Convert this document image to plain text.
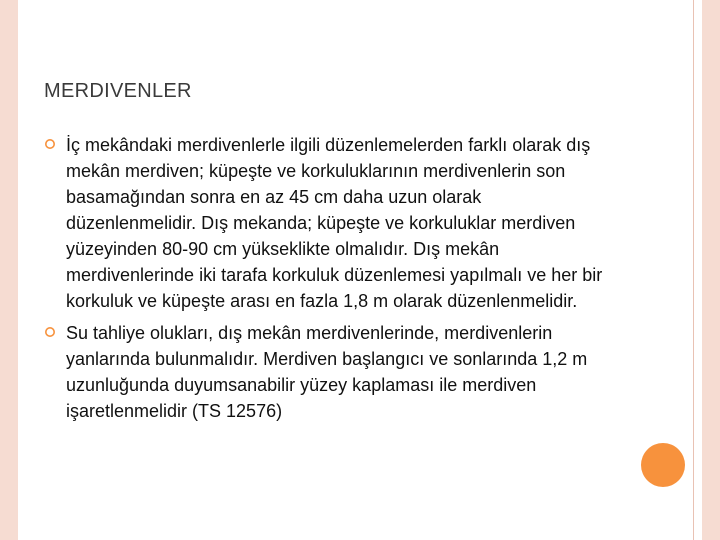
MERDIVENLER
İç mekândaki merdivenlerle ilgili düzenlemelerden farklı olarak dış mekân merdiven; küpeşte ve korkuluklarının merdivenlerin son basamağından sonra en az 45 cm daha uzun olarak düzenlenmelidir. Dış mekanda; küpeşte ve korkuluklar merdiven yüzeyinden 80-90 cm yükseklikte olmalıdır. Dış mekân merdivenlerinde iki tarafa korkuluk düzenlemesi yapılmalı ve her bir korkuluk ve küpeşte arası en fazla 1,8 m olarak düzenlenmelidir.
Su tahliye olukları, dış mekân merdivenlerinde, merdivenlerin yanlarında bulunmalıdır. Merdiven başlangıcı ve sonlarında 1,2 m uzunluğunda duyumsanabilir yüzey kaplaması ile merdiven işaretlenmelidir (TS 12576)
